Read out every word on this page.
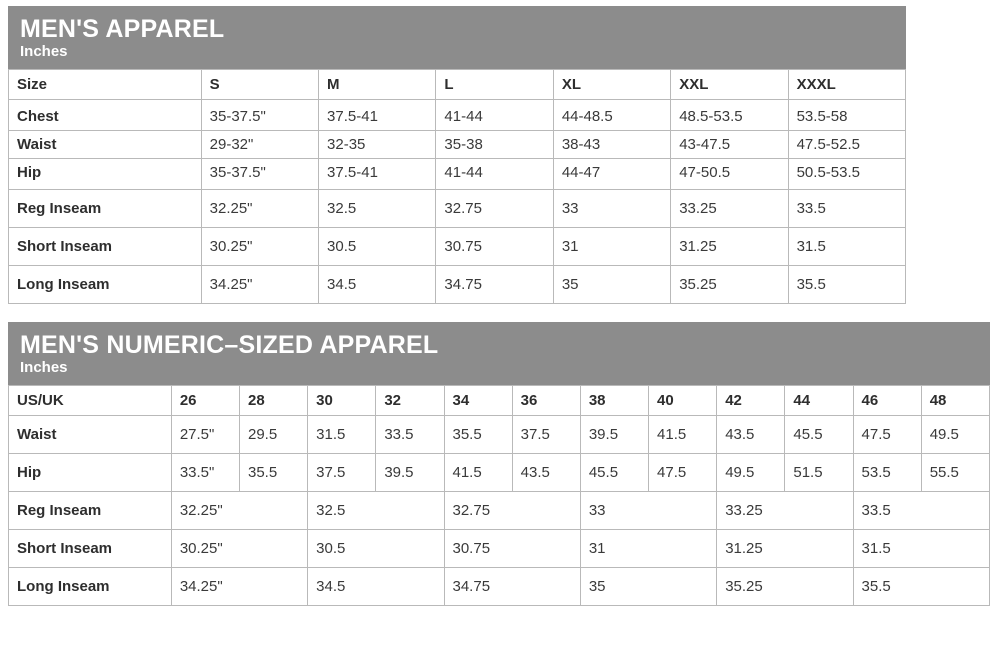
MEN'S APPAREL
Inches
Size	S	M	L	XL	XXL	XXXL
Chest	35-37.5"	37.5-41	41-44	44-48.5	48.5-53.5	53.5-58
Waist	29-32"	32-35	35-38	38-43	43-47.5	47.5-52.5
Hip	35-37.5"	37.5-41	41-44	44-47	47-50.5	50.5-53.5
Reg Inseam	32.25"	32.5	32.75	33	33.25	33.5
Short Inseam	30.25"	30.5	30.75	31	31.25	31.5
Long Inseam	34.25"	34.5	34.75	35	35.25	35.5
MEN'S NUMERIC–SIZED APPAREL
Inches
US/UK	26	28	30	32	34	36	38	40	42	44	46	48
Waist	27.5"	29.5	31.5	33.5	35.5	37.5	39.5	41.5	43.5	45.5	47.5	49.5
Hip	33.5"	35.5	37.5	39.5	41.5	43.5	45.5	47.5	49.5	51.5	53.5	55.5
Reg Inseam	32.25"		32.5		32.75		33		33.25		33.5	
Short Inseam	30.25"		30.5		30.75		31		31.25		31.5	
Long Inseam	34.25"		34.5		34.75		35		35.25		35.5	
